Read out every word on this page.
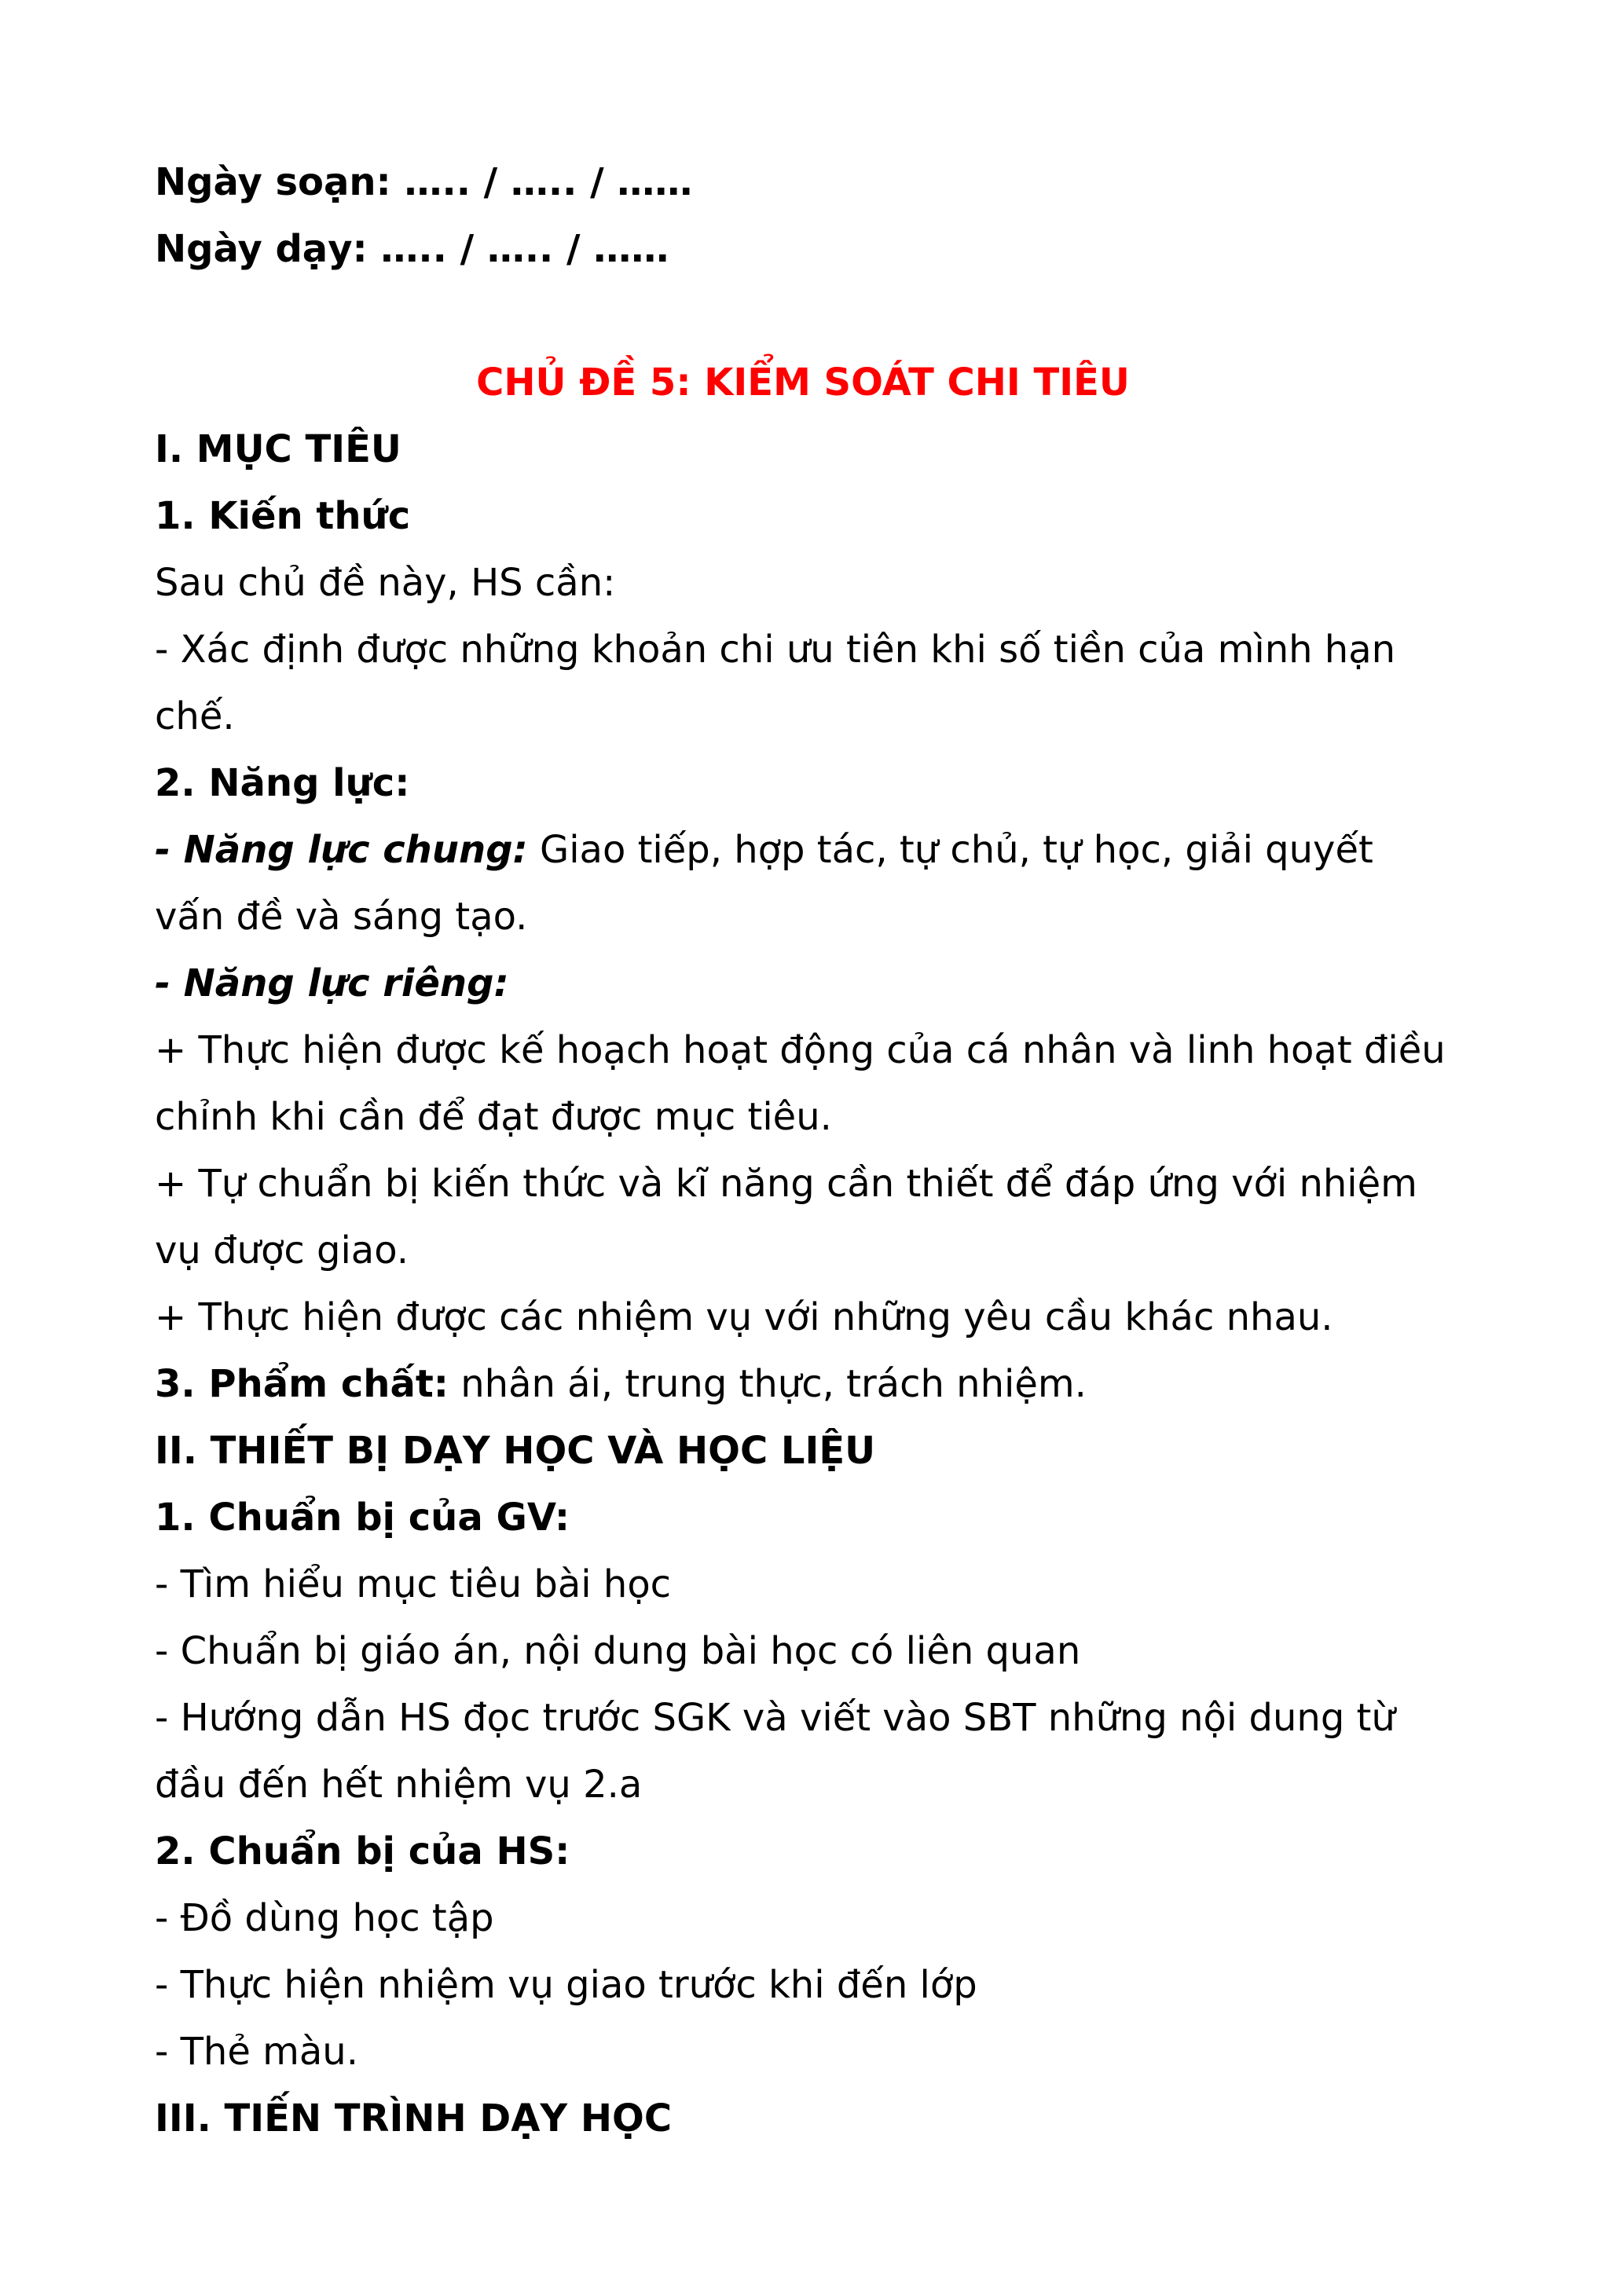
Ngày soạn: ….. / ….. / ……

Ngày dạy: ….. / ….. / ……

CHỦ ĐỀ 5: KIỂM SOÁT CHI TIÊU

I. MỤC TIÊU

1. Kiến thức

Sau chủ đề này, HS cần:

- Xác định được những khoản chi ưu tiên khi số tiền của mình hạn

chế.

2. Năng lực:

- Năng lực chung: Giao tiếp, hợp tác, tự chủ, tự học, giải quyết

vấn đề và sáng tạo.

- Năng lực riêng:

+ Thực hiện được kế hoạch hoạt động của cá nhân và linh hoạt điều

chỉnh khi cần để đạt được mục tiêu.

+ Tự chuẩn bị kiến thức và kĩ năng cần thiết để đáp ứng với nhiệm

vụ được giao.

+ Thực hiện được các nhiệm vụ với những yêu cầu khác nhau.

3. Phẩm chất: nhân ái, trung thực, trách nhiệm.

II. THIẾT BỊ DẠY HỌC VÀ HỌC LIỆU

1. Chuẩn bị của GV:

- Tìm hiểu mục tiêu bài học

- Chuẩn bị giáo án, nội dung bài học có liên quan

- Hướng dẫn HS đọc trước SGK và viết vào SBT những nội dung từ

đầu đến hết nhiệm vụ 2.a

2. Chuẩn bị của HS:

- Đồ dùng học tập

- Thực hiện nhiệm vụ giao trước khi đến lớp

- Thẻ màu.

III. TIẾN TRÌNH DẠY HỌC
